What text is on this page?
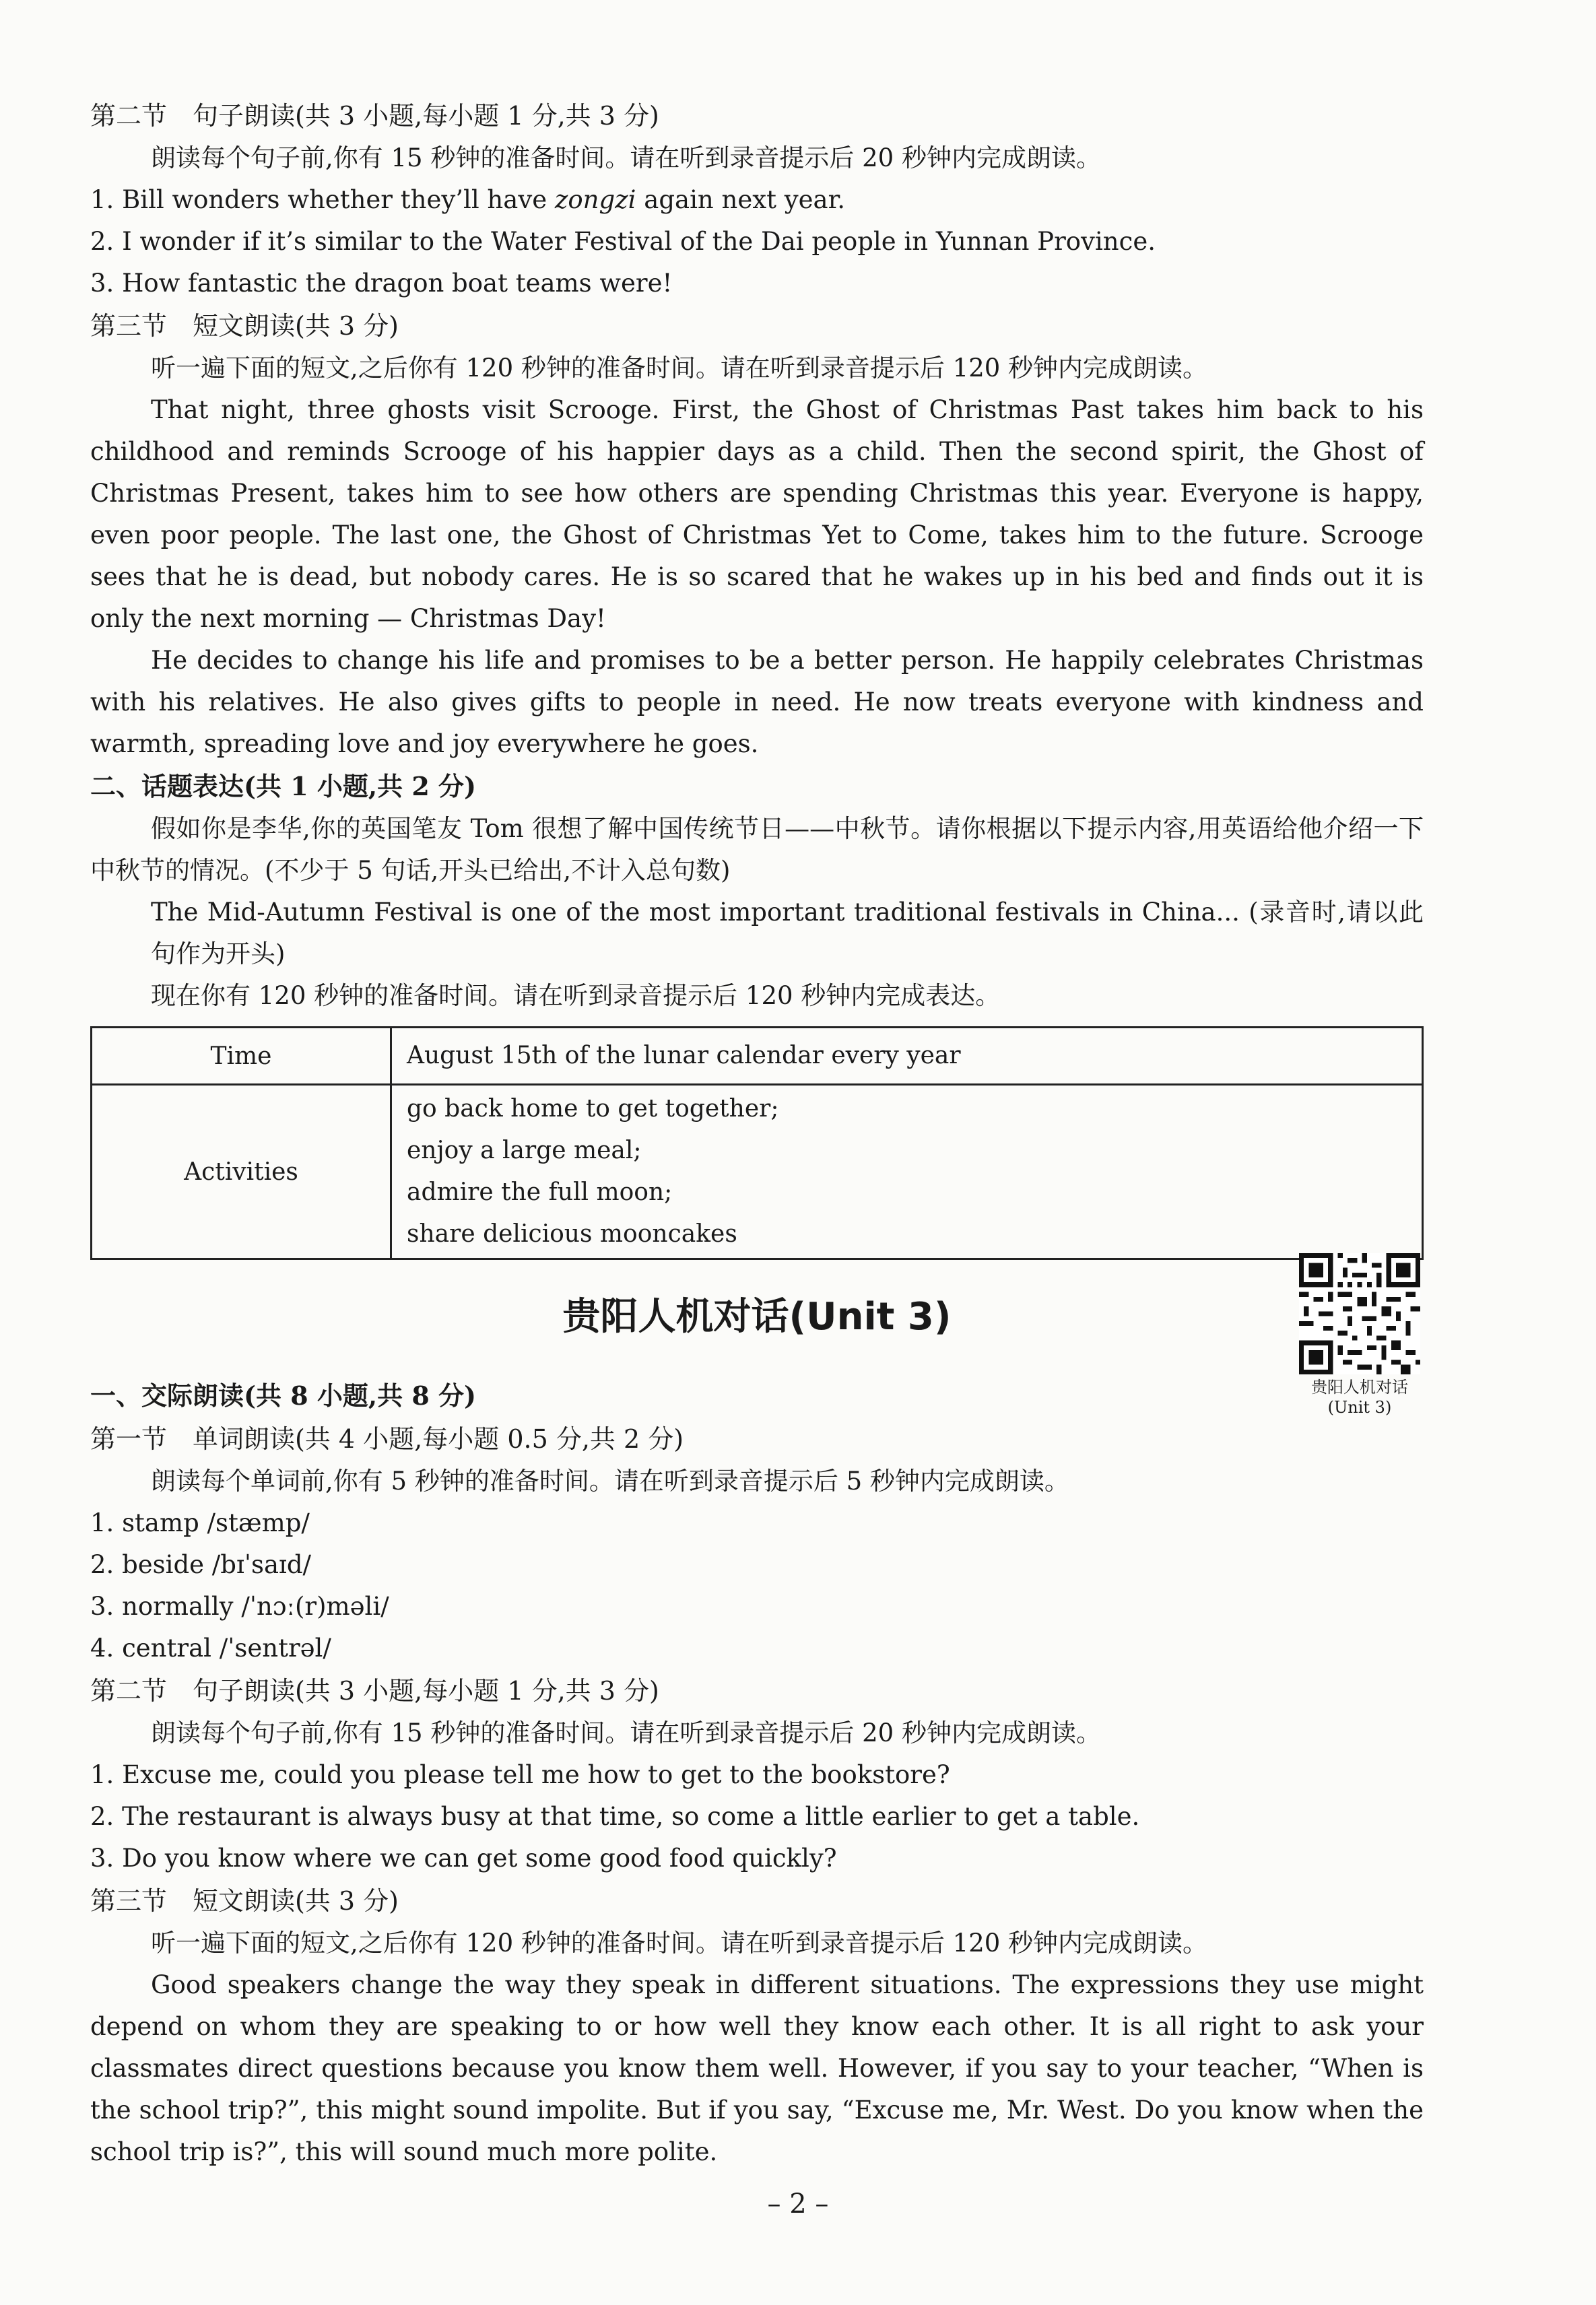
第二节　句子朗读(共 3 小题,每小题 1 分,共 3 分)
朗读每个句子前,你有 15 秒钟的准备时间。请在听到录音提示后 20 秒钟内完成朗读。
1. Bill wonders whether they’ll have zongzi again next year.
2. I wonder if it’s similar to the Water Festival of the Dai people in Yunnan Province.
3. How fantastic the dragon boat teams were!
第三节　短文朗读(共 3 分)
听一遍下面的短文,之后你有 120 秒钟的准备时间。请在听到录音提示后 120 秒钟内完成朗读。
That night, three ghosts visit Scrooge. First, the Ghost of Christmas Past takes him back to his childhood and reminds Scrooge of his happier days as a child. Then the second spirit, the Ghost of Christmas Present, takes him to see how others are spending Christmas this year. Everyone is happy, even poor people. The last one, the Ghost of Christmas Yet to Come, takes him to the future. Scrooge sees that he is dead, but nobody cares. He is so scared that he wakes up in his bed and finds out it is only the next morning — Christmas Day!
He decides to change his life and promises to be a better person. He happily celebrates Christmas with his relatives. He also gives gifts to people in need. He now treats everyone with kindness and warmth, spreading love and joy everywhere he goes.
二、话题表达(共 1 小题,共 2 分)
假如你是李华,你的英国笔友 Tom 很想了解中国传统节日——中秋节。请你根据以下提示内容,用英语给他介绍一下中秋节的情况。(不少于 5 句话,开头已给出,不计入总句数)
The Mid-Autumn Festival is one of the most important traditional festivals in China... (录音时,请以此句作为开头)
现在你有 120 秒钟的准备时间。请在听到录音提示后 120 秒钟内完成表达。
Time	August 15th of the lunar calendar every year
Activities	go back home to get together;
enjoy a large meal;
admire the full moon;
share delicious mooncakes
贵阳人机对话(Unit 3)
贵阳人机对话
(Unit 3)
一、交际朗读(共 8 小题,共 8 分)
第一节　单词朗读(共 4 小题,每小题 0.5 分,共 2 分)
朗读每个单词前,你有 5 秒钟的准备时间。请在听到录音提示后 5 秒钟内完成朗读。
1. stamp /stæmp/
2. beside /bɪˈsaɪd/
3. normally /ˈnɔː(r)məli/
4. central /ˈsentrəl/
第二节　句子朗读(共 3 小题,每小题 1 分,共 3 分)
朗读每个句子前,你有 15 秒钟的准备时间。请在听到录音提示后 20 秒钟内完成朗读。
1. Excuse me, could you please tell me how to get to the bookstore?
2. The restaurant is always busy at that time, so come a little earlier to get a table.
3. Do you know where we can get some good food quickly?
第三节　短文朗读(共 3 分)
听一遍下面的短文,之后你有 120 秒钟的准备时间。请在听到录音提示后 120 秒钟内完成朗读。
Good speakers change the way they speak in different situations. The expressions they use might depend on whom they are speaking to or how well they know each other. It is all right to ask your classmates direct questions because you know them well. However, if you say to your teacher, “When is the school trip?”, this might sound impolite. But if you say, “Excuse me, Mr. West. Do you know when the school trip is?”, this will sound much more polite.
– 2 –
